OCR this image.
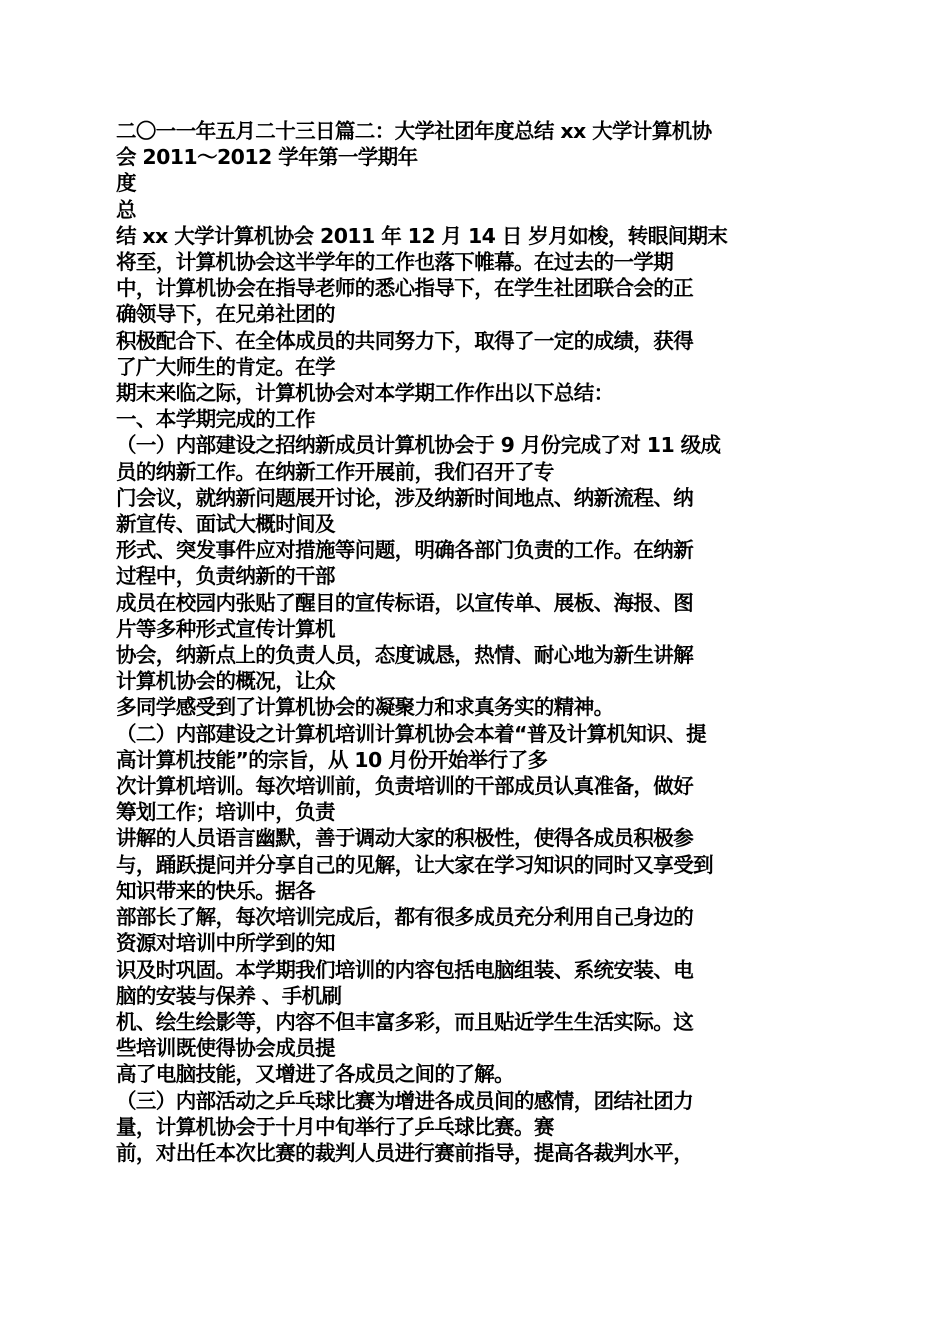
二〇一一年五月二十三日篇二：大学社团年度总结 xx 大学计算机协
会 2011～2012 学年第一学期年
度
总
结 xx 大学计算机协会 2011 年 12 月 14 日 岁月如梭，转眼间期末
将至，计算机协会这半学年的工作也落下帷幕。在过去的一学期
中，计算机协会在指导老师的悉心指导下，在学生社团联合会的正
确领导下，在兄弟社团的
积极配合下、在全体成员的共同努力下，取得了一定的成绩，获得
了广大师生的肯定。在学
期末来临之际，计算机协会对本学期工作作出以下总结：
一、本学期完成的工作
（一）内部建设之招纳新成员计算机协会于 9 月份完成了对 11 级成
员的纳新工作。在纳新工作开展前，我们召开了专
门会议，就纳新问题展开讨论，涉及纳新时间地点、纳新流程、纳
新宣传、面试大概时间及
形式、突发事件应对措施等问题，明确各部门负责的工作。在纳新
过程中，负责纳新的干部
成员在校园内张贴了醒目的宣传标语，以宣传单、展板、海报、图
片等多种形式宣传计算机
协会，纳新点上的负责人员，态度诚恳，热情、耐心地为新生讲解
计算机协会的概况，让众
多同学感受到了计算机协会的凝聚力和求真务实的精神。
（二）内部建设之计算机培训计算机协会本着“普及计算机知识、提
高计算机技能”的宗旨，从 10 月份开始举行了多
次计算机培训。每次培训前，负责培训的干部成员认真准备，做好
筹划工作；培训中，负责
讲解的人员语言幽默，善于调动大家的积极性，使得各成员积极参
与，踊跃提问并分享自己的见解，让大家在学习知识的同时又享受到
知识带来的快乐。据各
部部长了解，每次培训完成后，都有很多成员充分利用自己身边的
资源对培训中所学到的知
识及时巩固。本学期我们培训的内容包括电脑组装、系统安装、电
脑的安装与保养 、手机刷
机、绘生绘影等，内容不但丰富多彩，而且贴近学生生活实际。这
些培训既使得协会成员提
高了电脑技能，又增进了各成员之间的了解。
（三）内部活动之乒乓球比赛为增进各成员间的感情，团结社团力
量，计算机协会于十月中旬举行了乒乓球比赛。赛
前，对出任本次比赛的裁判人员进行赛前指导，提高各裁判水平，
